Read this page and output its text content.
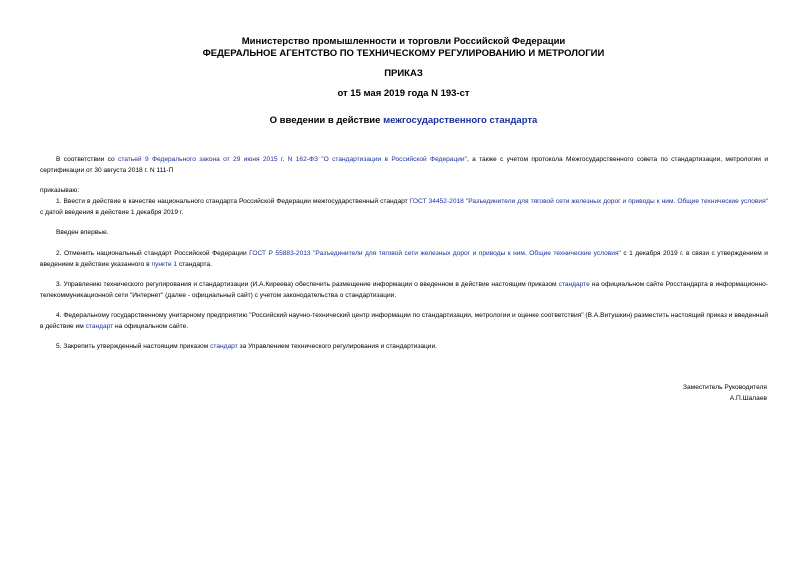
Министерство промышленности и торговли Российской Федерации
ФЕДЕРАЛЬНОЕ АГЕНТСТВО ПО ТЕХНИЧЕСКОМУ РЕГУЛИРОВАНИЮ И МЕТРОЛОГИИ
ПРИКАЗ
от 15 мая 2019 года N 193-ст
О введении в действие межгосударственного стандарта
В соответствии со статьей 9 Федерального закона от 29 июня 2015 г. N 162-ФЗ "О стандартизации в Российской Федерации", а также с учетом протокола Межгосударственного совета по стандартизации, метрологии и сертификации от 30 августа 2018 г. N 111-П
приказываю:
1. Ввести в действие в качестве национального стандарта Российской Федерации межгосударственный стандарт ГОСТ 34452-2018 "Разъединители для тяговой сети железных дорог и приводы к ним. Общие технические условия" с датой введения в действие 1 декабря 2019 г.
Введен впервые.
2. Отменить национальный стандарт Российской Федерации ГОСТ Р 55883-2013 "Разъединители для тяговой сети железных дорог и приводы к ним. Общие технические условия" с 1 декабря 2019 г. в связи с утверждением и введением в действие указанного в пункте 1 стандарта.
3. Управлению технического регулирования и стандартизации (И.А.Киреева) обеспечить размещение информации о введенном в действие настоящим приказом стандарте на официальном сайте Росстандарта в информационно-телекоммуникационной сети "Интернет" (далее - официальный сайт) с учетом законодательства о стандартизации.
4. Федеральному государственному унитарному предприятию "Российский научно-технический центр информации по стандартизации, метрологии и оценке соответствия" (В.А.Витушкин) разместить настоящий приказ и введенный в действие им стандарт на официальном сайте.
5. Закрепить утвержденный настоящим приказом стандарт за Управлением технического регулирования и стандартизации.
Заместитель Руководителя
А.П.Шалаев
